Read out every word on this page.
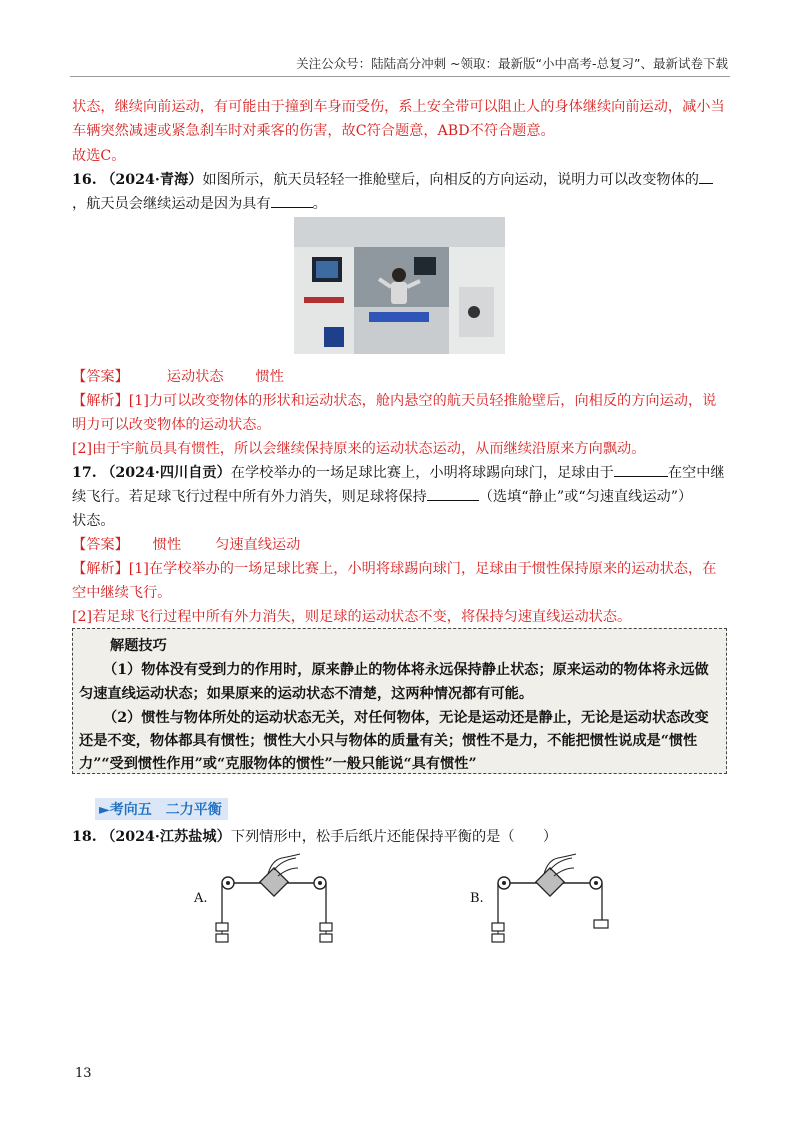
关注公众号：陆陆高分冲刺 ~领取：最新版“小中高考-总复习”、最新试卷下载
状态，继续向前运动，有可能由于撞到车身而受伤，系上安全带可以阻止人的身体继续向前运动，减小当
车辆突然减速或紧急刹车时对乘客的伤害，故C符合题意，ABD不符合题意。
故选C。
16. （2024·青海）如图所示，航天员轻轻一推舱壁后，向相反的方向运动，说明力可以改变物体的
，航天员会继续运动是因为具有	。
【答案】	运动状态 惯性
【解析】[1]力可以改变物体的形状和运动状态，舱内悬空的航天员轻推舱壁后，向相反的方向运动，说
明力可以改变物体的运动状态。
[2]由于宇航员具有惯性，所以会继续保持原来的运动状态运动，从而继续沿原来方向飘动。
17. （2024·四川自贡）在学校举办的一场足球比赛上，小明将球踢向球门，足球由于	在空中继
续飞行。若足球飞行过程中所有外力消失，则足球将保持	（选填“静止”或“匀速直线运动”）
状态。
【答案】 惯性 匀速直线运动
【解析】[1]在学校举办的一场足球比赛上，小明将球踢向球门，足球由于惯性保持原来的运动状态，在
空中继续飞行。
[2]若足球飞行过程中所有外力消失，则足球的运动状态不变，将保持匀速直线运动状态。
解题技巧
（1）物体没有受到力的作用时，原来静止的物体将永远保持静止状态；原来运动的物体将永远做
匀速直线运动状态；如果原来的运动状态不清楚，这两种情况都有可能。
（2）惯性与物体所处的运动状态无关，对任何物体，无论是运动还是静止，无论是运动状态改变
还是不变，物体都具有惯性；惯性大小只与物体的质量有关；惯性不是力，不能把惯性说成是“惯性
力”“受到惯性作用”或“克服物体的惯性”一般只能说“具有惯性”
►考向五　二力平衡
18. （2024·江苏盐城）下列情形中，松手后纸片还能保持平衡的是（　　）
A.	B.
13
